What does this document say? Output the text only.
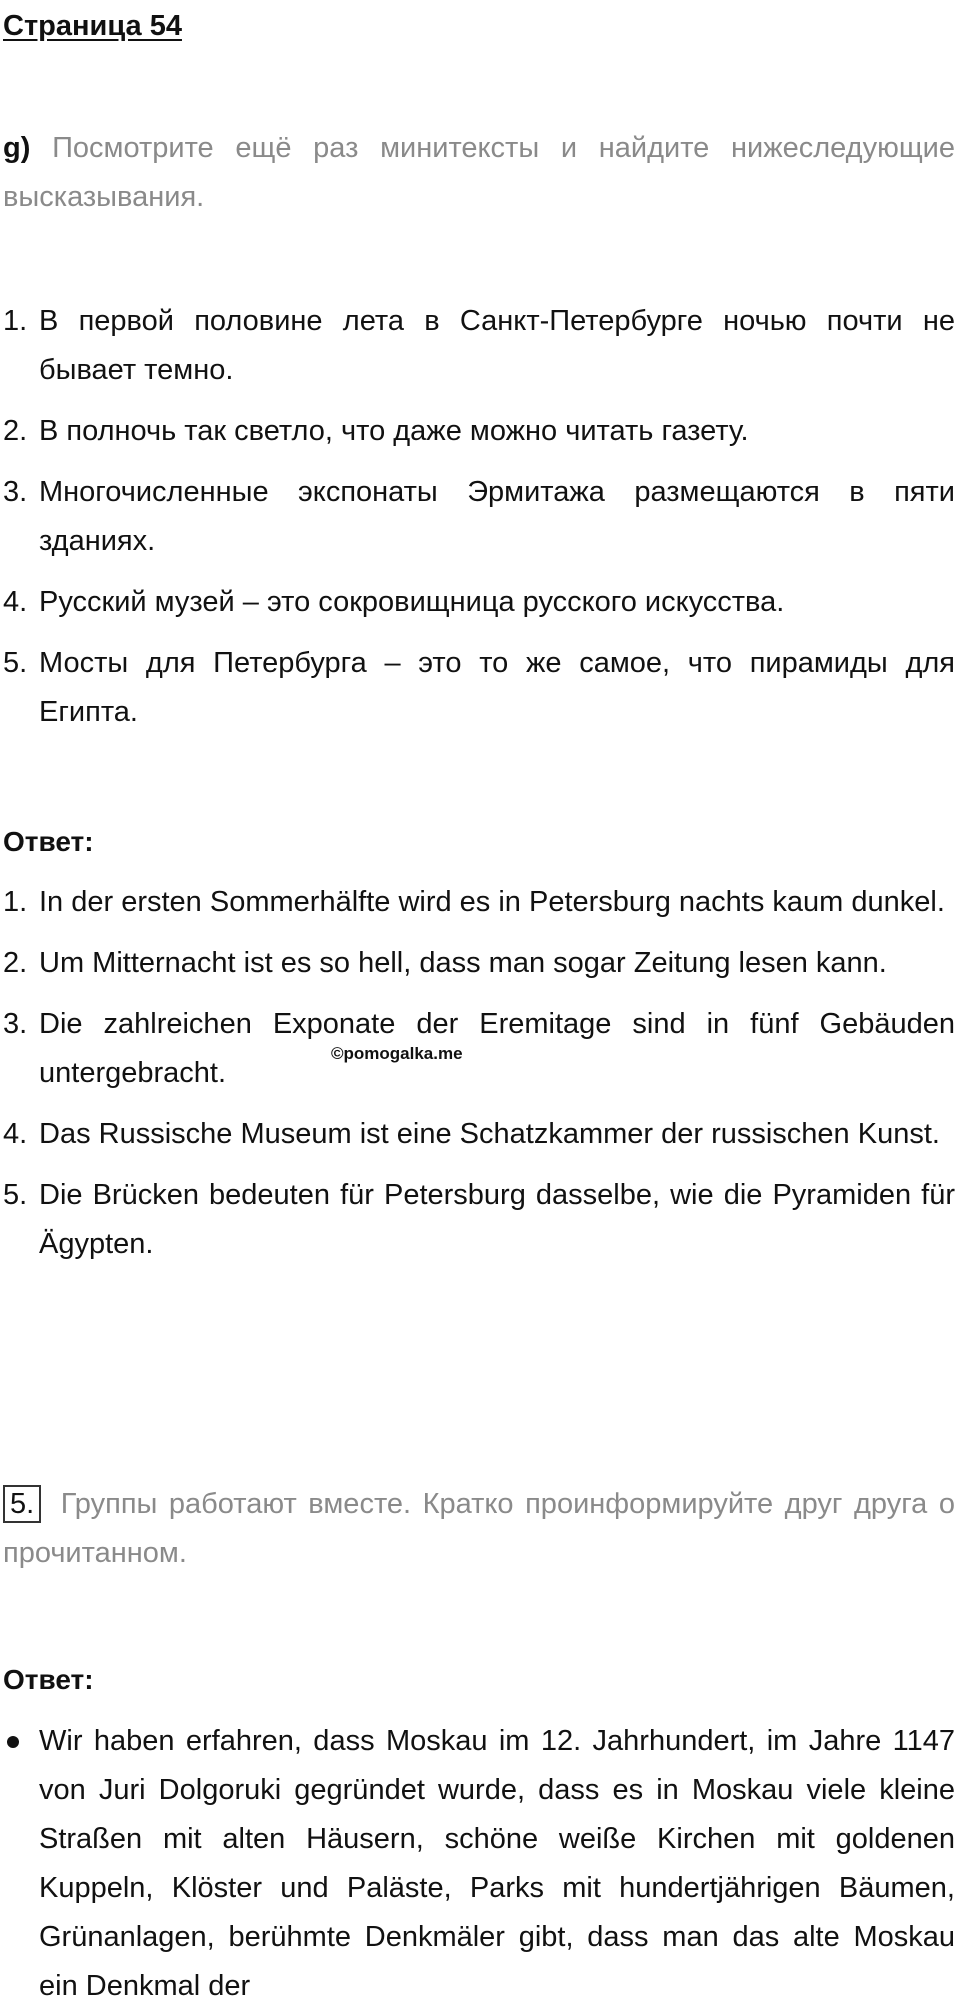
Страница 54
g) Посмотрите ещё раз минитексты и найдите нижеследующие высказывания.
1. В первой половине лета в Санкт-Петербурге ночью почти не бывает темно.
2. В полночь так светло, что даже можно читать газету.
3. Многочисленные экспонаты Эрмитажа размещаются в пяти зданиях.
4. Русский музей – это сокровищница русского искусства.
5. Мосты для Петербурга – это то же самое, что пирамиды для Египта.
Ответ:
1. In der ersten Sommerhälfte wird es in Petersburg nachts kaum dunkel.
2. Um Mitternacht ist es so hell, dass man sogar Zeitung lesen kann.
3. Die zahlreichen Exponate der Eremitage sind in fünf Gebäuden untergebracht.
4. Das Russische Museum ist eine Schatzkammer der russischen Kunst.
5. Die Brücken bedeuten für Petersburg dasselbe, wie die Pyramiden für Ägypten.
©pomogalka.me
5. Группы работают вместе. Кратко проинформируйте друг друга о прочитанном.
Ответ:
Wir haben erfahren, dass Moskau im 12. Jahrhundert, im Jahre 1147 von Juri Dolgoruki gegründet wurde, dass es in Moskau viele kleine Straßen mit alten Häusern, schöne weiße Kirchen mit goldenen Kuppeln, Klöster und Paläste, Parks mit hundertjährigen Bäumen, Grünanlagen, berühmte Denkmäler gibt, dass man das alte Moskau ein Denkmal der
